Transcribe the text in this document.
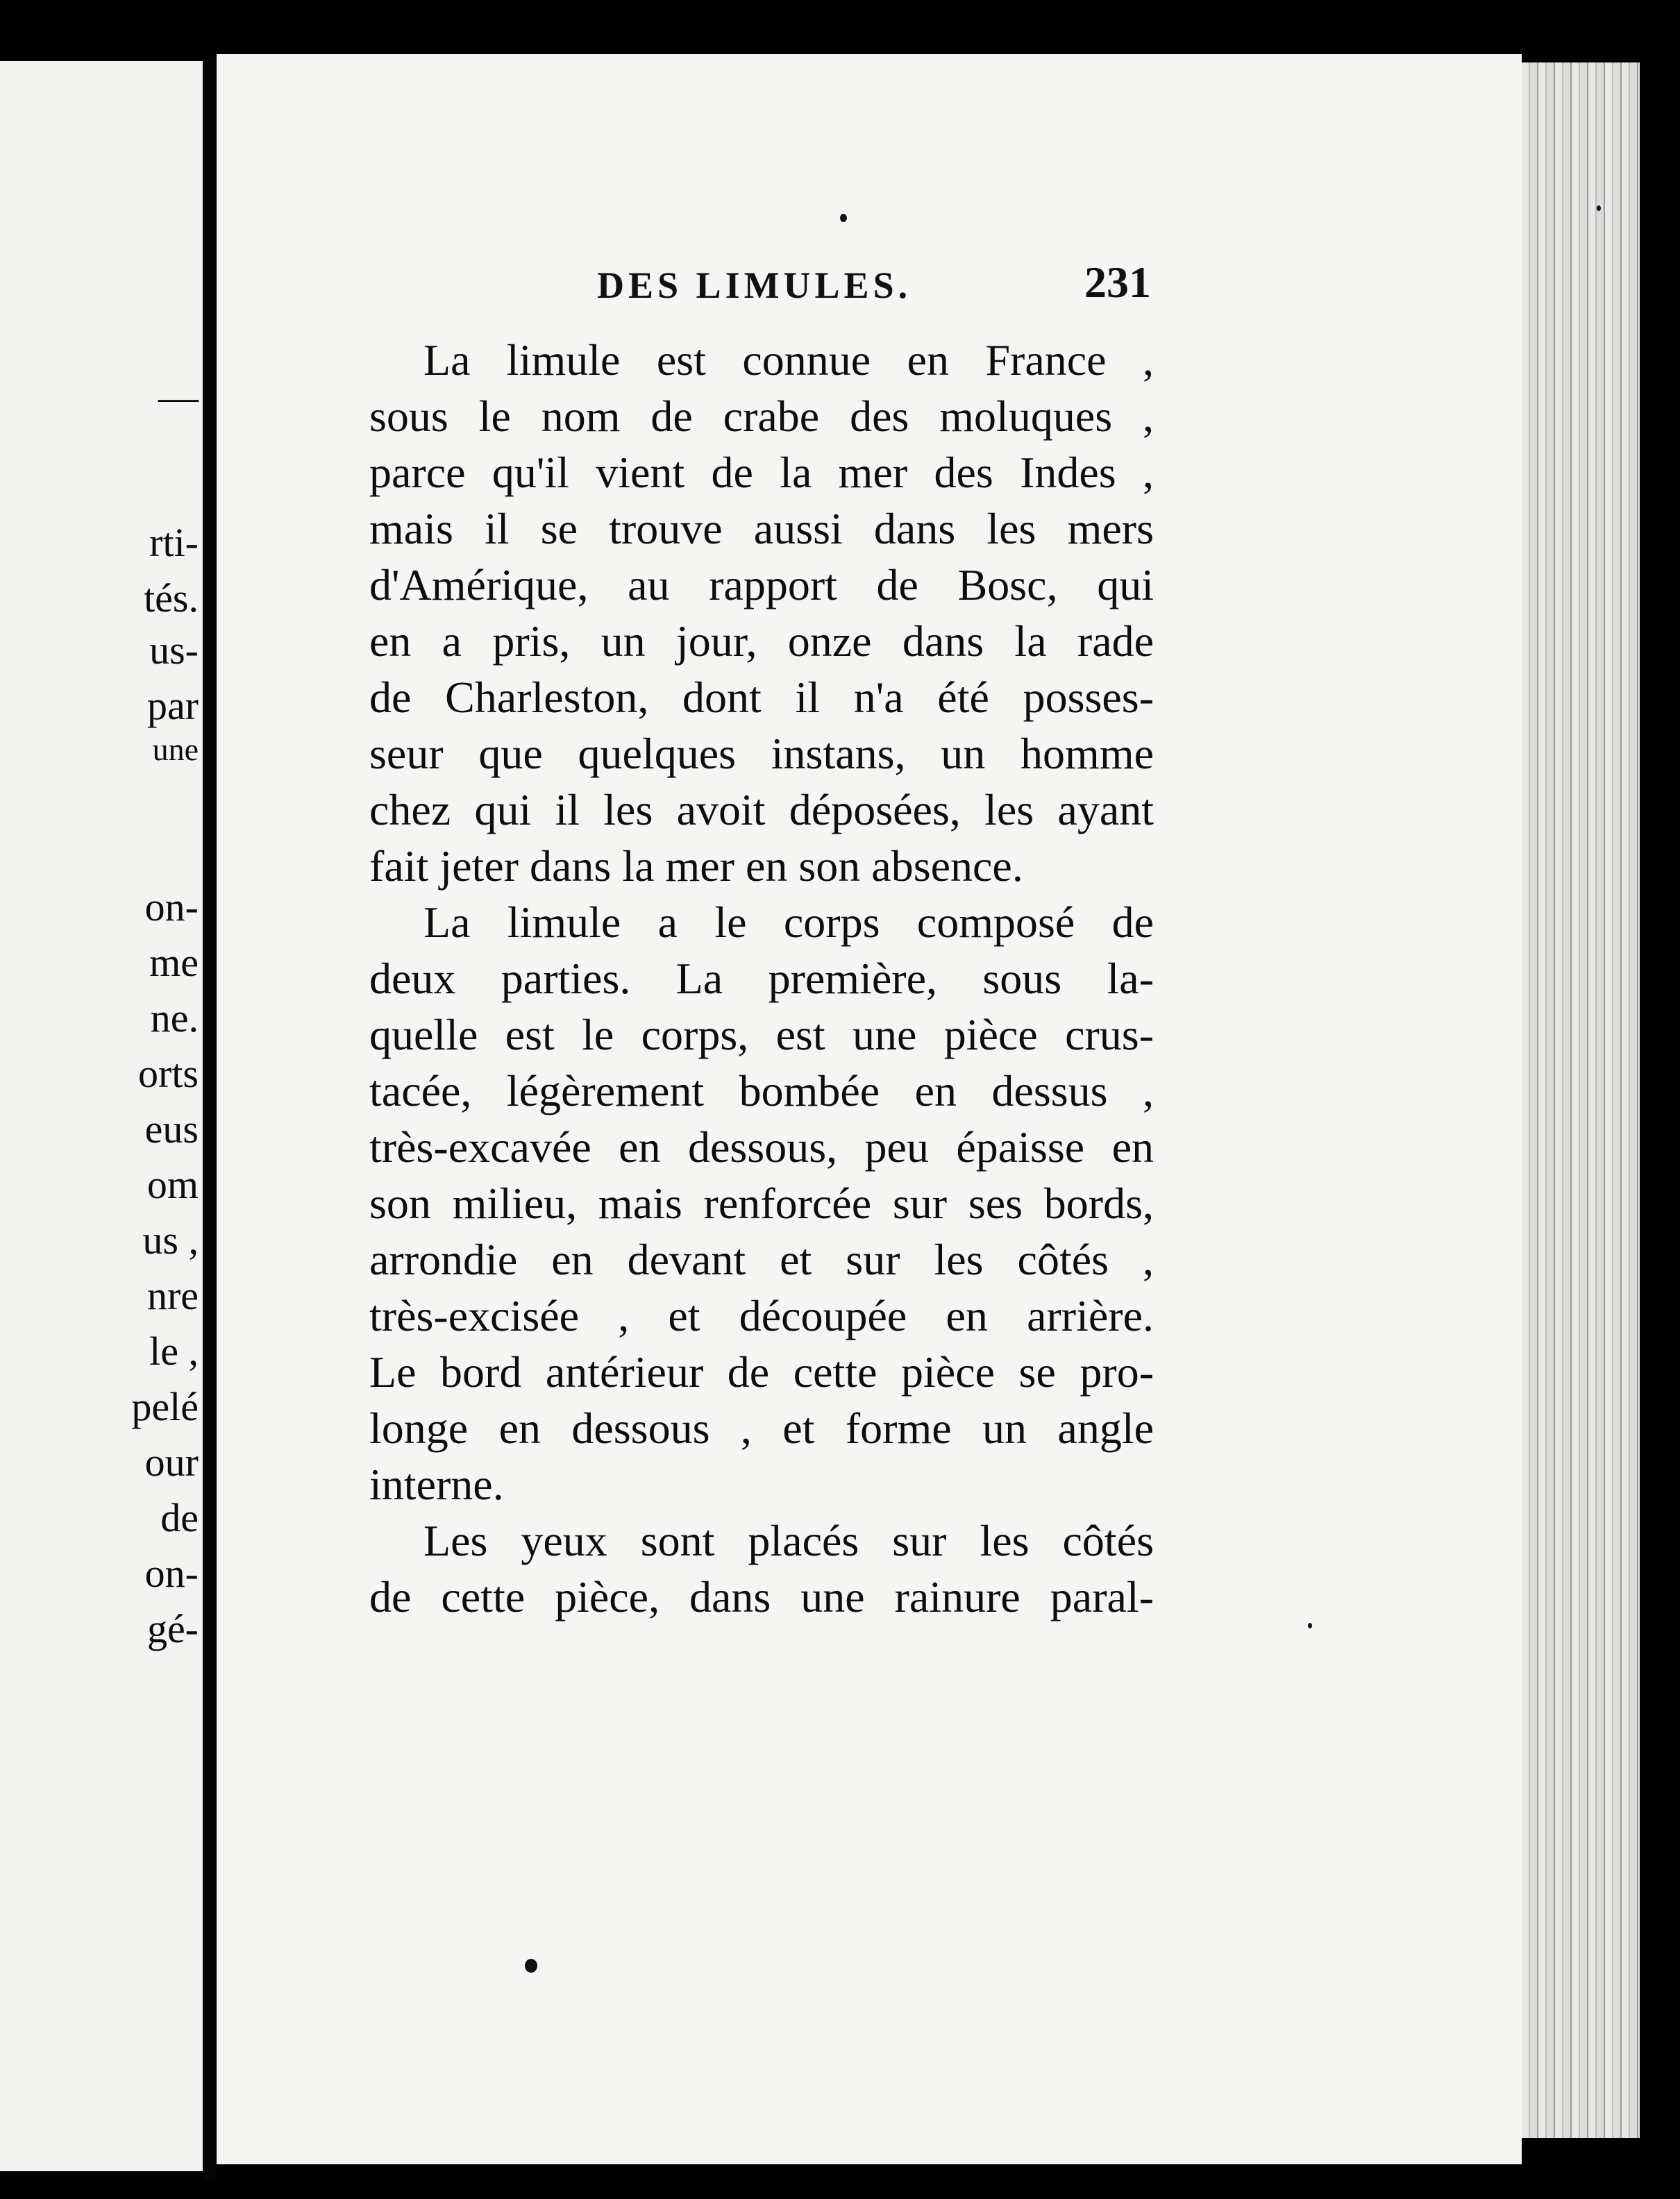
—
rti-
tés.
us-
par
une
on-
me
ne.
orts
eus
om
us ,
nre
le ,
pelé
our
de
on-
gé-
DES LIMULES.	231
La limule est connue en France ,
sous le nom de crabe des moluques ,
parce qu'il vient de la mer des Indes ,
mais il se trouve aussi dans les mers
d'Amérique, au rapport de Bosc, qui
en a pris, un jour, onze dans la rade
de Charleston, dont il n'a été posses-
seur que quelques instans, un homme
chez qui il les avoit déposées, les ayant
fait jeter dans la mer en son absence.
La limule a le corps composé de
deux parties. La première, sous la-
quelle est le corps, est une pièce crus-
tacée, légèrement bombée en dessus ,
très-excavée en dessous, peu épaisse en
son milieu, mais renforcée sur ses bords,
arrondie en devant et sur les côtés ,
très-excisée , et découpée en arrière.
Le bord antérieur de cette pièce se pro-
longe en dessous , et forme un angle
interne.
Les yeux sont placés sur les côtés
de cette pièce, dans une rainure paral-
